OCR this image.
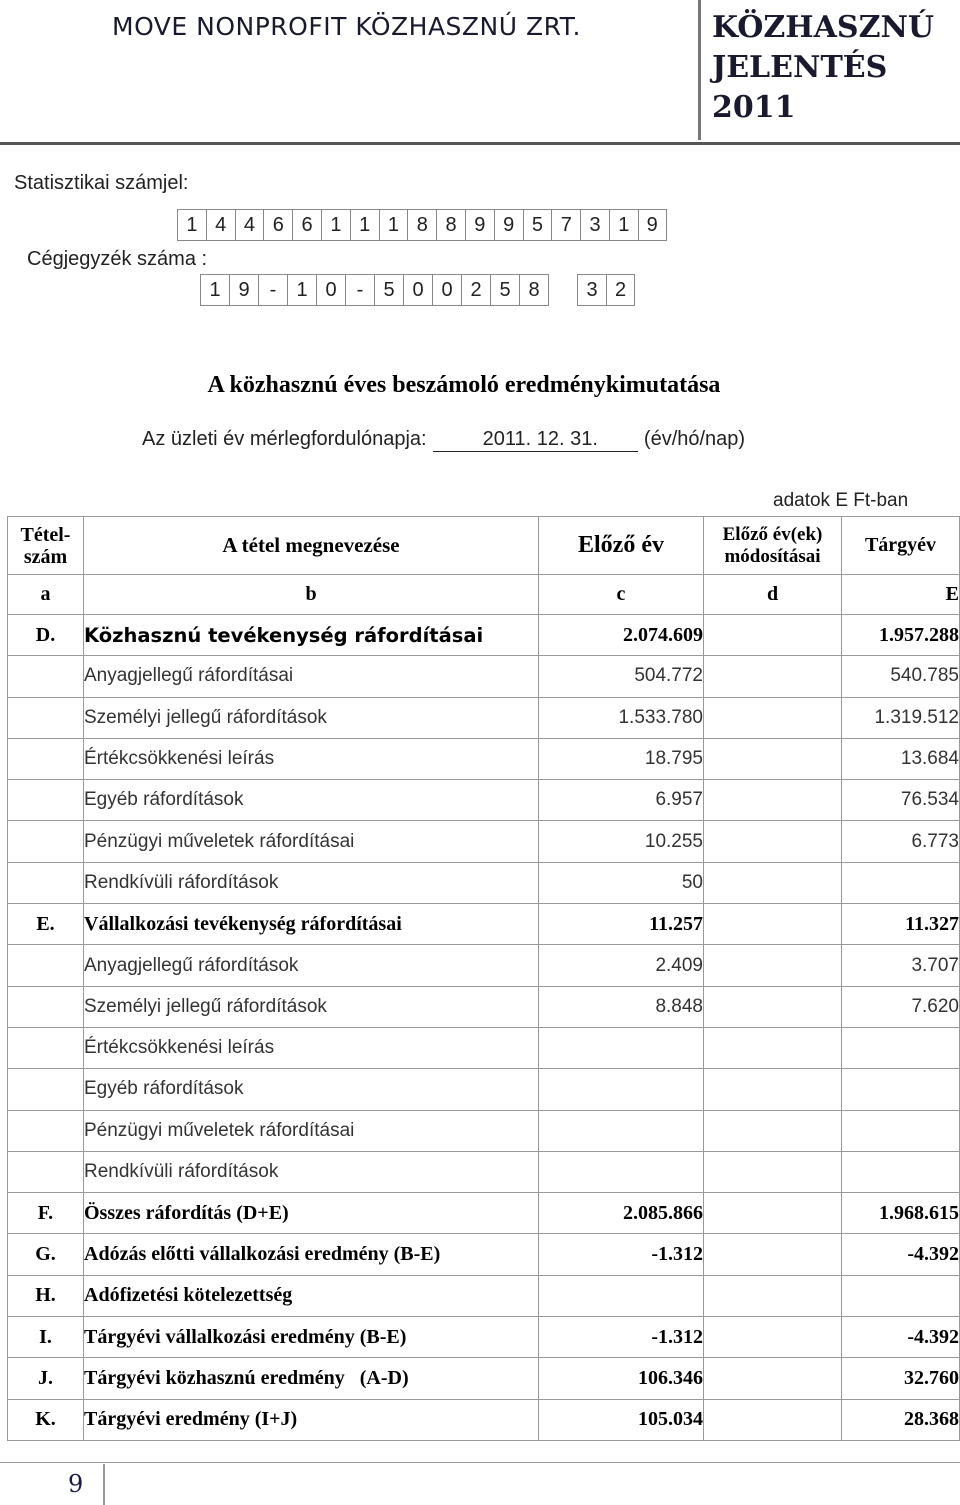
MOVE NONPROFIT KÖZHASZNÚ ZRT.	KÖZHASZNÚ
JELENTÉS
2011
Statisztikai számjel:
1 4 4 6 6 1 1 1 8 8 9 9 5 7 3 1 9
Cégjegyzék száma :
1 9	-	1 0	-	5 0 0 2 5 8	3 2
A közhasznú éves beszámoló eredménykimutatása
Az üzleti év mérlegfordulónapja:	2011. 12. 31. (év/hó/nap)
adatok E Ft-ban
Tétel-szám	A tétel megnevezése	Előző év	Előző év(ek) módosításai	Tárgyév
a	b	c	d	E
D.	Közhasznú tevékenység ráfordításai	2.074.609		1.957.288
	Anyagjellegű ráfordításai	504.772		540.785
	Személyi jellegű ráfordítások	1.533.780		1.319.512
	Értékcsökkenési leírás	18.795		13.684
	Egyéb ráfordítások	6.957		76.534
	Pénzügyi műveletek ráfordításai	10.255		6.773
	Rendkívüli ráfordítások	50		
E.	Vállalkozási tevékenység ráfordításai	11.257		11.327
	Anyagjellegű ráfordítások	2.409		3.707
	Személyi jellegű ráfordítások	8.848		7.620
	Értékcsökkenési leírás			
	Egyéb ráfordítások			
	Pénzügyi műveletek ráfordításai			
	Rendkívüli ráfordítások			
F.	Összes ráfordítás (D+E)	2.085.866		1.968.615
G.	Adózás előtti vállalkozási eredmény (B-E)	-1.312		-4.392
H.	Adófizetési kötelezettség			
I.	Tárgyévi vállalkozási eredmény (B-E)	-1.312		-4.392
J.	Tárgyévi közhasznú eredmény   (A-D)	106.346		32.760
K.	Tárgyévi eredmény (I+J)	105.034		28.368
9
